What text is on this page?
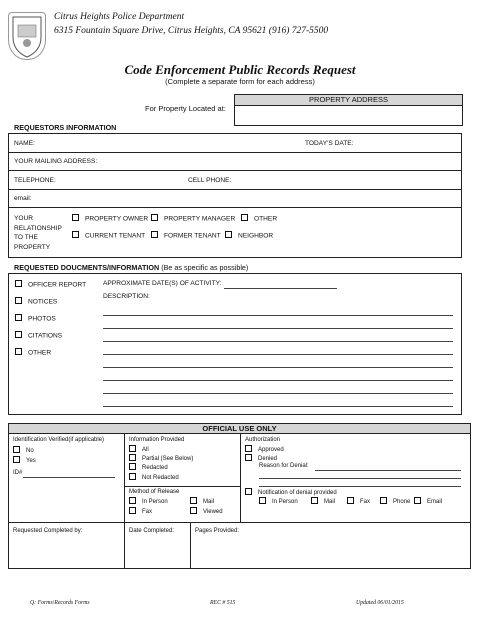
Citrus Heights Police Department
6315 Fountain Square Drive, Citrus Heights, CA 95621 (916) 727-5500
Code Enforcement Public Records Request
(Complete a separate form for each address)
For Property Located at:
PROPERTY ADDRESS
REQUESTORS INFORMATION
NAME:	TODAY'S DATE:
YOUR MAILING ADDRESS:
TELEPHONE:	CELL PHONE:
email:
YOUR
RELATIONSHIP
TO THE
PROPERTY
PROPERTY OWNER	PROPERTY MANAGER	OTHER
CURRENT TENANT	FORMER TENANT	NEIGHBOR
REQUESTED DOUCMENTS/INFORMATION (Be as specific as possible)
OFFICER REPORT
NOTICES
PHOTOS
CITATIONS
OTHER
APPROXIMATE DATE(S) OF ACTIVITY:
DESCRIPTION:
OFFICIAL USE ONLY
Identification Verified(if applicable)
No
Yes
ID#
Information Provided
All
Partial (See Below)
Redacted
Not Redacted
Method of Release
In Person	Mail
Fax	Viewed
Authorization
Approved
Denied
Reason for Denial:
Notification of denial provided
In Person	Mail	Fax	Phone	Email
Requested Completed by:	Date Completed:	Pages Provided:
Q: Forms\Records Forms	REC # 515	Updated 06/01/2015
